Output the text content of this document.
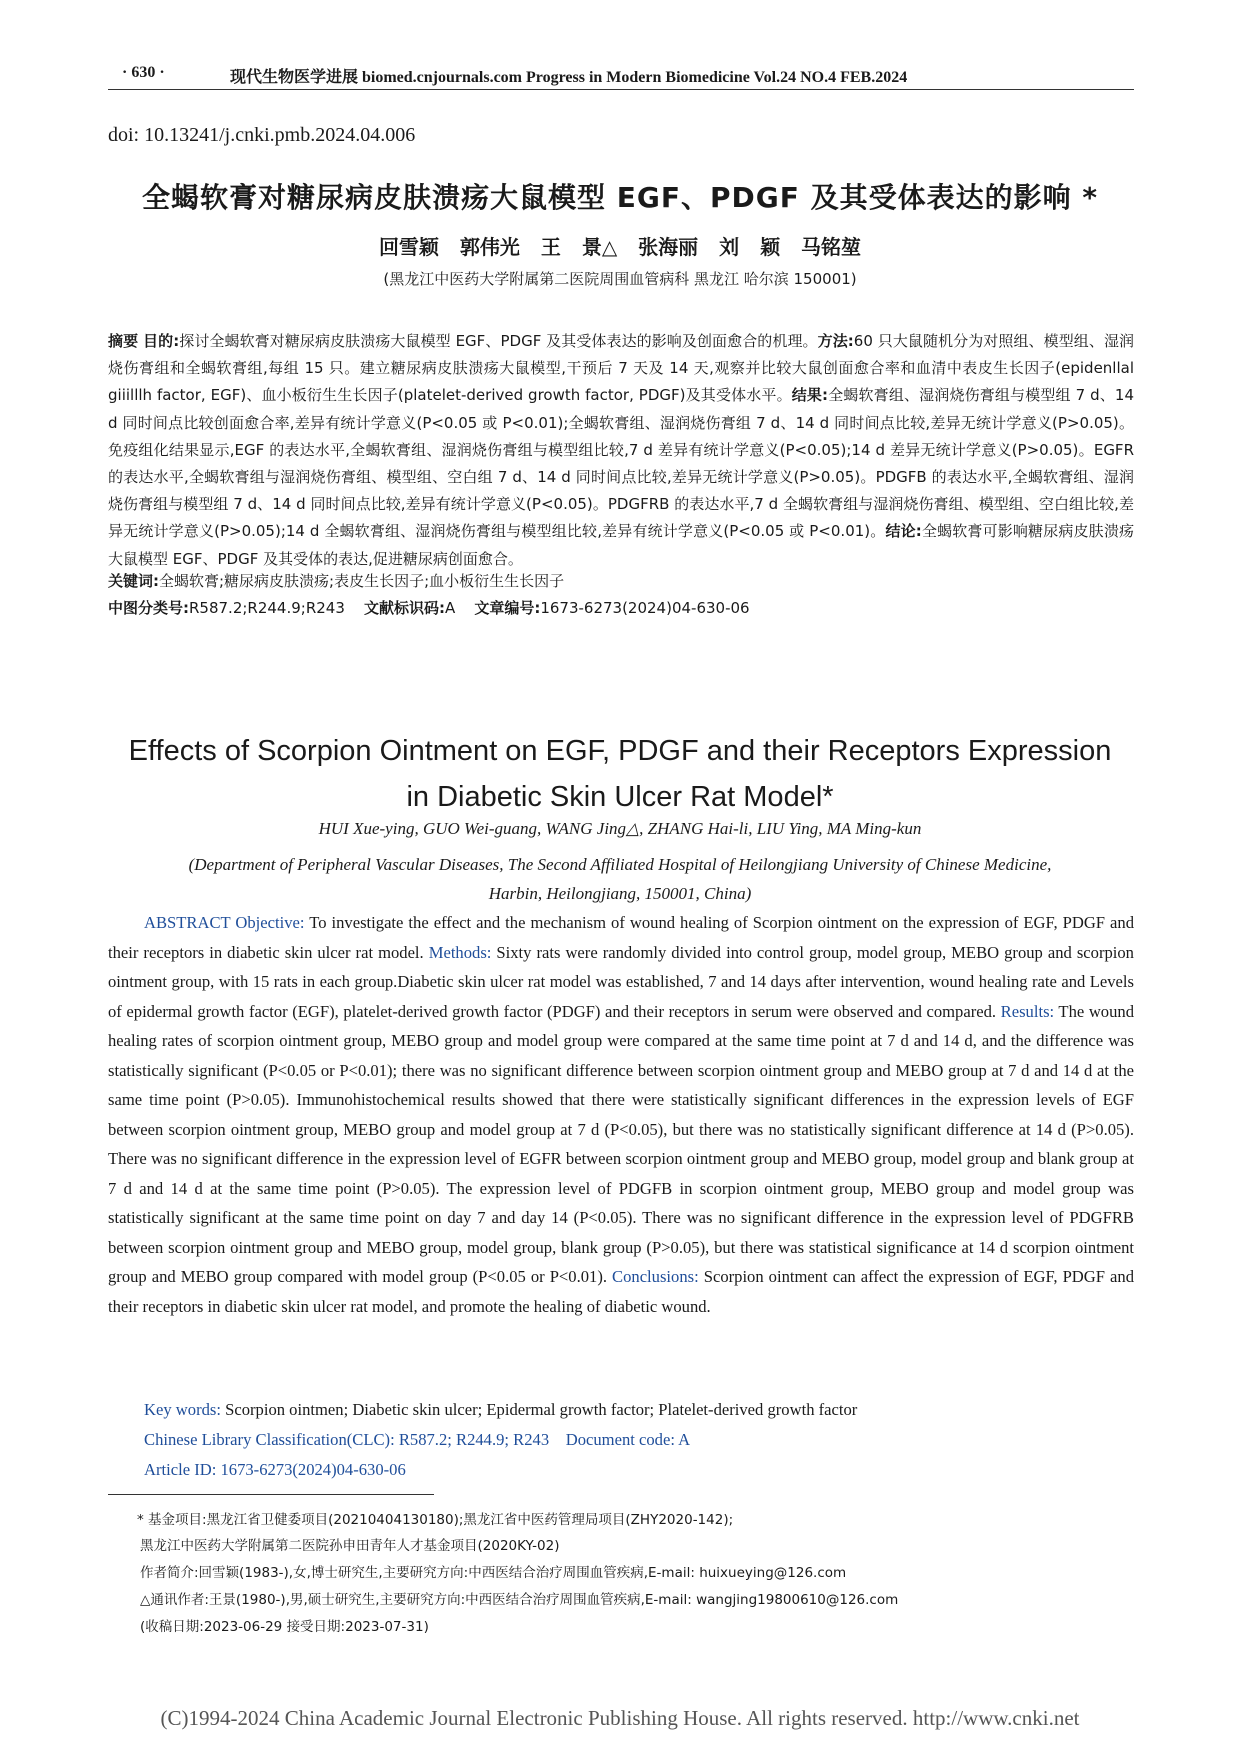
· 630 ·	现代生物医学进展 biomed.cnjournals.com Progress in Modern Biomedicine Vol.24 NO.4 FEB.2024
doi: 10.13241/j.cnki.pmb.2024.04.006
全蝎软膏对糖尿病皮肤溃疡大鼠模型 EGF、PDGF 及其受体表达的影响 *
回雪颖 郭伟光 王 景△ 张海丽 刘 颖 马铭堃
(黑龙江中医药大学附属第二医院周围血管病科 黑龙江 哈尔滨 150001)
摘要 目的:探讨全蝎软膏对糖尿病皮肤溃疡大鼠模型 EGF、PDGF 及其受体表达的影响及创面愈合的机理。方法:60 只大鼠随机分为对照组、模型组、湿润烧伤膏组和全蝎软膏组,每组 15 只。建立糖尿病皮肤溃疡大鼠模型,干预后 7 天及 14 天,观察并比较大鼠创面愈合率和血清中表皮生长因子(epidenllal giiilllh factor, EGF)、血小板衍生生长因子(platelet-derived growth factor, PDGF)及其受体水平。结果:全蝎软膏组、湿润烧伤膏组与模型组 7 d、14 d 同时间点比较创面愈合率,差异有统计学意义(P<0.05 或 P<0.01);全蝎软膏组、湿润烧伤膏组 7 d、14 d 同时间点比较,差异无统计学意义(P>0.05)。免疫组化结果显示,EGF 的表达水平,全蝎软膏组、湿润烧伤膏组与模型组比较,7 d 差异有统计学意义(P<0.05);14 d 差异无统计学意义(P>0.05)。EGFR 的表达水平,全蝎软膏组与湿润烧伤膏组、模型组、空白组 7 d、14 d 同时间点比较,差异无统计学意义(P>0.05)。PDGFB 的表达水平,全蝎软膏组、湿润烧伤膏组与模型组 7 d、14 d 同时间点比较,差异有统计学意义(P<0.05)。PDGFRB 的表达水平,7 d 全蝎软膏组与湿润烧伤膏组、模型组、空白组比较,差异无统计学意义(P>0.05);14 d 全蝎软膏组、湿润烧伤膏组与模型组比较,差异有统计学意义(P<0.05 或 P<0.01)。结论:全蝎软膏可影响糖尿病皮肤溃疡大鼠模型 EGF、PDGF 及其受体的表达,促进糖尿病创面愈合。
关键词:全蝎软膏;糖尿病皮肤溃疡;表皮生长因子;血小板衍生生长因子
中图分类号:R587.2;R244.9;R243 文献标识码:A 文章编号:1673-6273(2024)04-630-06
Effects of Scorpion Ointment on EGF, PDGF and their Receptors Expression
in Diabetic Skin Ulcer Rat Model*
HUI Xue-ying, GUO Wei-guang, WANG Jing△, ZHANG Hai-li, LIU Ying, MA Ming-kun
(Department of Peripheral Vascular Diseases, The Second Affiliated Hospital of Heilongjiang University of Chinese Medicine,
Harbin, Heilongjiang, 150001, China)
ABSTRACT Objective: To investigate the effect and the mechanism of wound healing of Scorpion ointment on the expression of EGF, PDGF and their receptors in diabetic skin ulcer rat model. Methods: Sixty rats were randomly divided into control group, model group, MEBO group and scorpion ointment group, with 15 rats in each group.Diabetic skin ulcer rat model was established, 7 and 14 days after intervention, wound healing rate and Levels of epidermal growth factor (EGF), platelet-derived growth factor (PDGF) and their receptors in serum were observed and compared. Results: The wound healing rates of scorpion ointment group, MEBO group and model group were compared at the same time point at 7 d and 14 d, and the difference was statistically significant (P<0.05 or P<0.01); there was no significant difference between scorpion ointment group and MEBO group at 7 d and 14 d at the same time point (P>0.05). Immunohistochemical results showed that there were statistically significant differences in the expression levels of EGF between scorpion ointment group, MEBO group and model group at 7 d (P<0.05), but there was no statistically significant difference at 14 d (P>0.05). There was no significant difference in the expression level of EGFR between scorpion ointment group and MEBO group, model group and blank group at 7 d and 14 d at the same time point (P>0.05). The expression level of PDGFB in scorpion ointment group, MEBO group and model group was statistically significant at the same time point on day 7 and day 14 (P<0.05). There was no significant difference in the expression level of PDGFRB between scorpion ointment group and MEBO group, model group, blank group (P>0.05), but there was statistical significance at 14 d scorpion ointment group and MEBO group compared with model group (P<0.05 or P<0.01). Conclusions: Scorpion ointment can affect the expression of EGF, PDGF and their receptors in diabetic skin ulcer rat model, and promote the healing of diabetic wound.
Key words: Scorpion ointmen; Diabetic skin ulcer; Epidermal growth factor; Platelet-derived growth factor
Chinese Library Classification(CLC): R587.2; R244.9; R243 Document code: A
Article ID: 1673-6273(2024)04-630-06
* 基金项目:黑龙江省卫健委项目(20210404130180);黑龙江省中医药管理局项目(ZHY2020-142);
黑龙江中医药大学附属第二医院孙申田青年人才基金项目(2020KY-02)
作者简介:回雪颖(1983-),女,博士研究生,主要研究方向:中西医结合治疗周围血管疾病,E-mail: huixueying@126.com
△通讯作者:王景(1980-),男,硕士研究生,主要研究方向:中西医结合治疗周围血管疾病,E-mail: wangjing19800610@126.com
(收稿日期:2023-06-29 接受日期:2023-07-31)
(C)1994-2024 China Academic Journal Electronic Publishing House. All rights reserved. http://www.cnki.net
